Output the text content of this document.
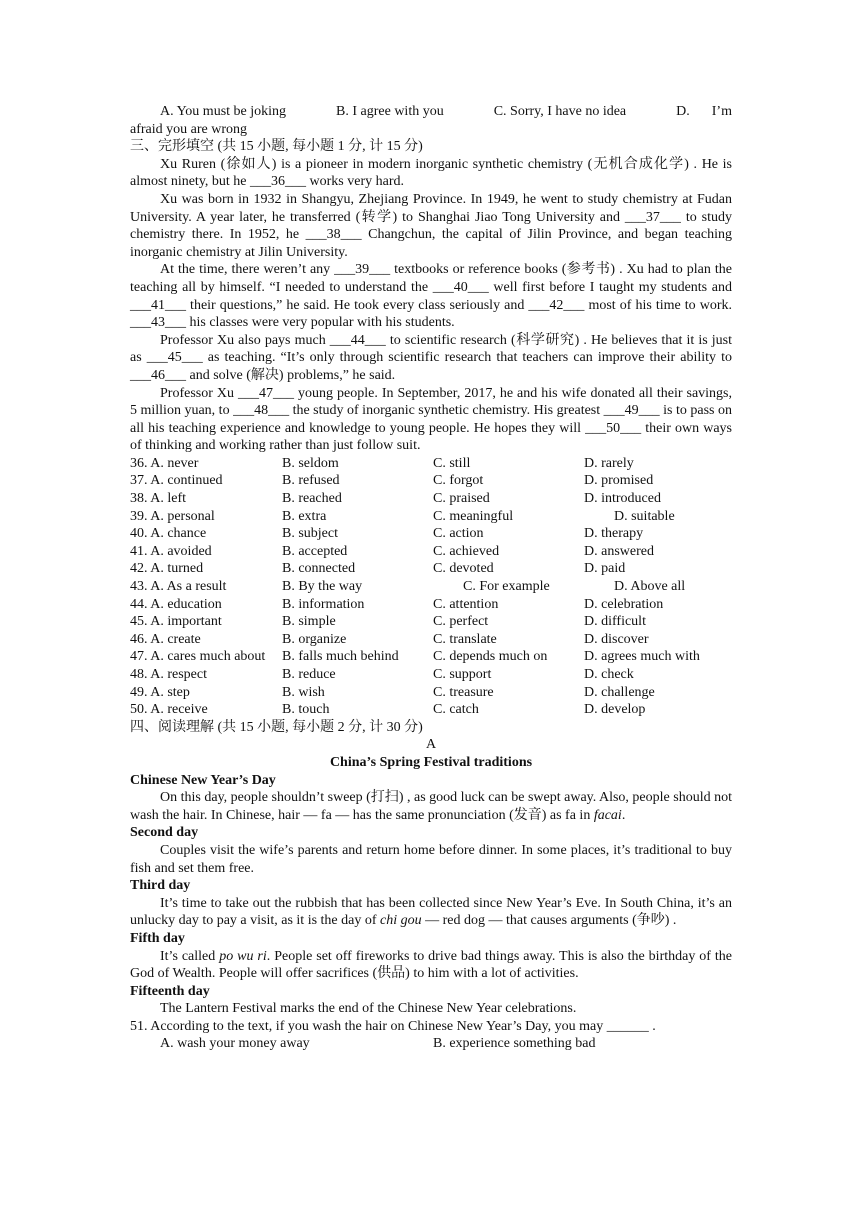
A. You must be joking	B. I agree with you	C. Sorry, I have no idea	D. I’m

afraid you are wrong

三、完形填空 (共 15 小题, 每小题 1 分, 计 15 分)

Xu Ruren (徐如人) is a pioneer in modern inorganic synthetic chemistry (无机合成化学) . He is almost ninety, but he ___36___ works very hard.

Xu was born in 1932 in Shangyu, Zhejiang Province. In 1949, he went to study chemistry at Fudan University. A year later, he transferred (转学) to Shanghai Jiao Tong University and ___37___ to study chemistry there. In 1952, he ___38___ Changchun, the capital of Jilin Province, and began teaching inorganic chemistry at Jilin University.

At the time, there weren’t any ___39___ textbooks or reference books (参考书) . Xu had to plan the teaching all by himself. “I needed to understand the ___40___ well first before I taught my students and ___41___ their questions,” he said. He took every class seriously and ___42___ most of his time to work. ___43___ his classes were very popular with his students.

Professor Xu also pays much ___44___ to scientific research (科学研究) . He believes that it is just as ___45___ as teaching. “It’s only through scientific research that teachers can improve their ability to ___46___ and solve (解决) problems,” he said.

Professor Xu ___47___ young people. In September, 2017, he and his wife donated all their savings, 5 million yuan, to ___48___ the study of inorganic synthetic chemistry. His greatest ___49___ is to pass on all his teaching experience and knowledge to young people. He hopes they will ___50___ their own ways of thinking and working rather than just follow suit.

36. A. never	B. seldom	C. still	D. rarely
37. A. continued	B. refused	C. forgot	D. promised
38. A. left	B. reached	C. praised	D. introduced
39. A. personal	B. extra	C. meaningful	D. suitable
40. A. chance	B. subject	C. action	D. therapy
41. A. avoided	B. accepted	C. achieved	D. answered
42. A. turned	B. connected	C. devoted	D. paid
43. A. As a result	B. By the way	C. For example	D. Above all
44. A. education	B. information	C. attention	D. celebration
45. A. important	B. simple	C. perfect	D. difficult
46. A. create	B. organize	C. translate	D. discover
47. A. cares much about	B. falls much behind	C. depends much on	D. agrees much with
48. A. respect	B. reduce	C. support	D. check
49. A. step	B. wish	C. treasure	D. challenge
50. A. receive	B. touch	C. catch	D. develop

四、阅读理解 (共 15 小题, 每小题 2 分, 计 30 分)

A

China’s Spring Festival traditions

Chinese New Year’s Day

On this day, people shouldn’t sweep (打扫) , as good luck can be swept away. Also, people should not wash the hair. In Chinese, hair — fa — has the same pronunciation (发音) as fa in facai.

Second day

Couples visit the wife’s parents and return home before dinner. In some places, it’s traditional to buy fish and set them free.

Third day

It’s time to take out the rubbish that has been collected since New Year’s Eve. In South China, it’s an unlucky day to pay a visit, as it is the day of chi gou — red dog — that causes arguments (争吵) .

Fifth day

It’s called po wu ri. People set off fireworks to drive bad things away. This is also the birthday of the God of Wealth. People will offer sacrifices (供品) to him with a lot of activities.

Fifteenth day

The Lantern Festival marks the end of the Chinese New Year celebrations.

51. According to the text, if you wash the hair on Chinese New Year’s Day, you may ______ .

A. wash your money away	B. experience something bad
